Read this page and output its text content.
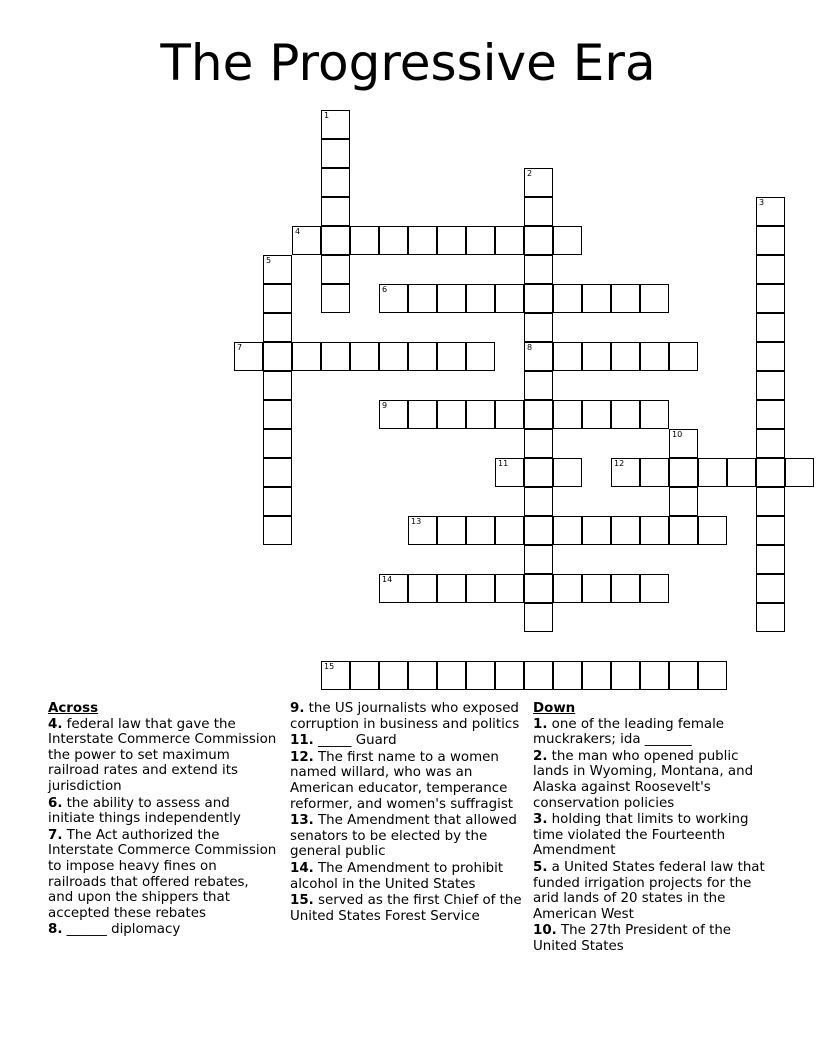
The Progressive Era
1
2
8
3
4
5
6
7
9
10
11	12
13
14
15
Across
4. federal law that gave the Interstate Commerce Commission the power to set maximum railroad rates and extend its jurisdiction
6. the ability to assess and initiate things independently
7. The Act authorized the Interstate Commerce Commission to impose heavy fines on railroads that offered rebates, and upon the shippers that accepted these rebates
8. ______ diplomacy
9. the US journalists who exposed corruption in business and politics
11. _____ Guard
12. The first name to a women named willard, who was an American educator, temperance reformer, and women's suffragist
13. The Amendment that allowed senators to be elected by the general public
14. The Amendment to prohibit alcohol in the United States
15. served as the first Chief of the United States Forest Service
Down
1. one of the leading female muckrakers; ida _______
2. the man who opened public lands in Wyoming, Montana, and Alaska against Roosevelt's conservation policies
3. holding that limits to working time violated the Fourteenth Amendment
5. a United States federal law that funded irrigation projects for the arid lands of 20 states in the American West
10. The 27th President of the United States
